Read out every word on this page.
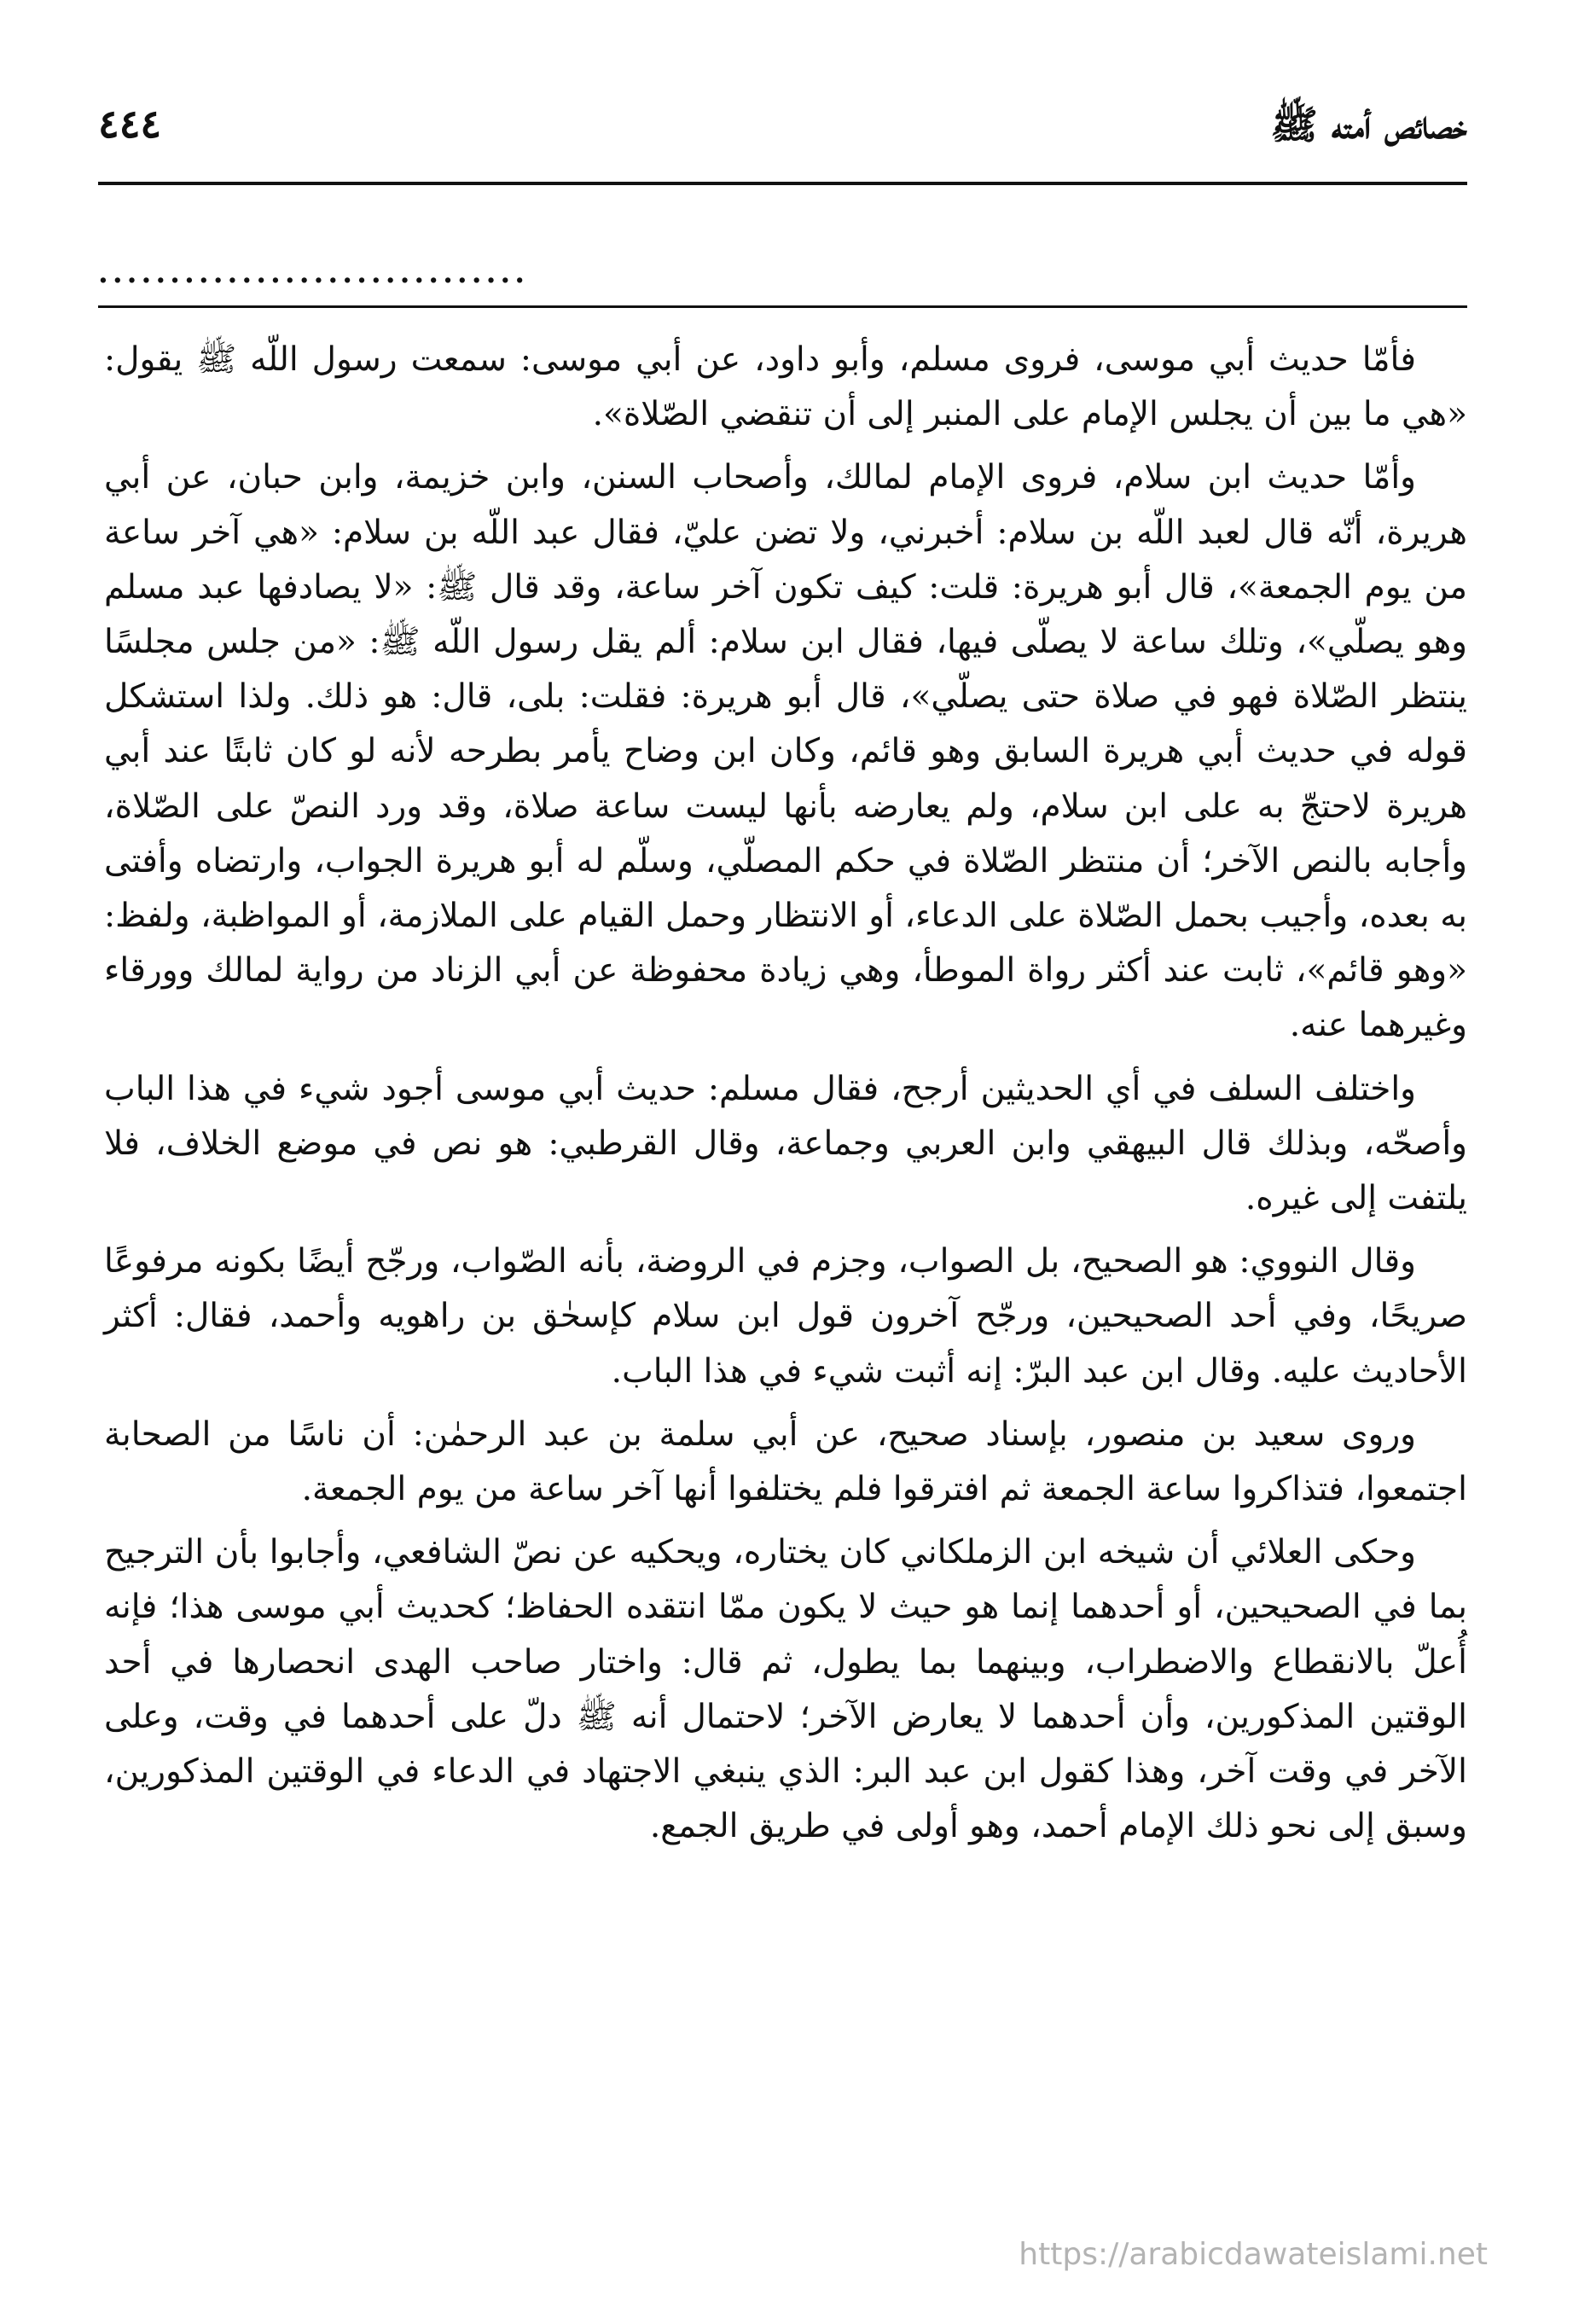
٤٤٤	خصائص أمته ﷺ
..............................

فأمّا حديث أبي موسى، فروى مسلم، وأبو داود، عن أبي موسى: سمعت رسول اللّه ﷺ يقول: «هي ما بين أن يجلس الإمام على المنبر إلى أن تنقضي الصّلاة».

وأمّا حديث ابن سلام، فروى الإمام لمالك، وأصحاب السنن، وابن خزيمة، وابن حبان، عن أبي هريرة، أنّه قال لعبد اللّه بن سلام: أخبرني، ولا تضن عليّ، فقال عبد اللّه بن سلام: «هي آخر ساعة من يوم الجمعة»، قال أبو هريرة: قلت: كيف تكون آخر ساعة، وقد قال ﷺ: «لا يصادفها عبد مسلم وهو يصلّي»، وتلك ساعة لا يصلّى فيها، فقال ابن سلام: ألم يقل رسول اللّه ﷺ: «من جلس مجلسًا ينتظر الصّلاة فهو في صلاة حتى يصلّي»، قال أبو هريرة: فقلت: بلى، قال: هو ذلك. ولذا استشكل قوله في حديث أبي هريرة السابق وهو قائم، وكان ابن وضاح يأمر بطرحه لأنه لو كان ثابتًا عند أبي هريرة لاحتجّ به على ابن سلام، ولم يعارضه بأنها ليست ساعة صلاة، وقد ورد النصّ على الصّلاة، وأجابه بالنص الآخر؛ أن منتظر الصّلاة في حكم المصلّي، وسلّم له أبو هريرة الجواب، وارتضاه وأفتى به بعده، وأجيب بحمل الصّلاة على الدعاء، أو الانتظار وحمل القيام على الملازمة، أو المواظبة، ولفظ: «وهو قائم»، ثابت عند أكثر رواة الموطأ، وهي زيادة محفوظة عن أبي الزناد من رواية لمالك وورقاء وغيرهما عنه.

واختلف السلف في أي الحديثين أرجح، فقال مسلم: حديث أبي موسى أجود شيء في هذا الباب وأصحّه، وبذلك قال البيهقي وابن العربي وجماعة، وقال القرطبي: هو نص في موضع الخلاف، فلا يلتفت إلى غيره.

وقال النووي: هو الصحيح، بل الصواب، وجزم في الروضة، بأنه الصّواب، ورجّح أيضًا بكونه مرفوعًا صريحًا، وفي أحد الصحيحين، ورجّح آخرون قول ابن سلام كإسحٰق بن راهويه وأحمد، فقال: أكثر الأحاديث عليه. وقال ابن عبد البرّ: إنه أثبت شيء في هذا الباب.

وروى سعيد بن منصور، بإسناد صحيح، عن أبي سلمة بن عبد الرحمٰن: أن ناسًا من الصحابة اجتمعوا، فتذاكروا ساعة الجمعة ثم افترقوا فلم يختلفوا أنها آخر ساعة من يوم الجمعة.

وحكى العلائي أن شيخه ابن الزملكاني كان يختاره، ويحكيه عن نصّ الشافعي، وأجابوا بأن الترجيح بما في الصحيحين، أو أحدهما إنما هو حيث لا يكون ممّا انتقده الحفاظ؛ كحديث أبي موسى هذا؛ فإنه أُعلّ بالانقطاع والاضطراب، وبينهما بما يطول، ثم قال: واختار صاحب الهدى انحصارها في أحد الوقتين المذكورين، وأن أحدهما لا يعارض الآخر؛ لاحتمال أنه ﷺ دلّ على أحدهما في وقت، وعلى الآخر في وقت آخر، وهذا كقول ابن عبد البر: الذي ينبغي الاجتهاد في الدعاء في الوقتين المذكورين، وسبق إلى نحو ذلك الإمام أحمد، وهو أولى في طريق الجمع.

https://arabicdawateislami.net
